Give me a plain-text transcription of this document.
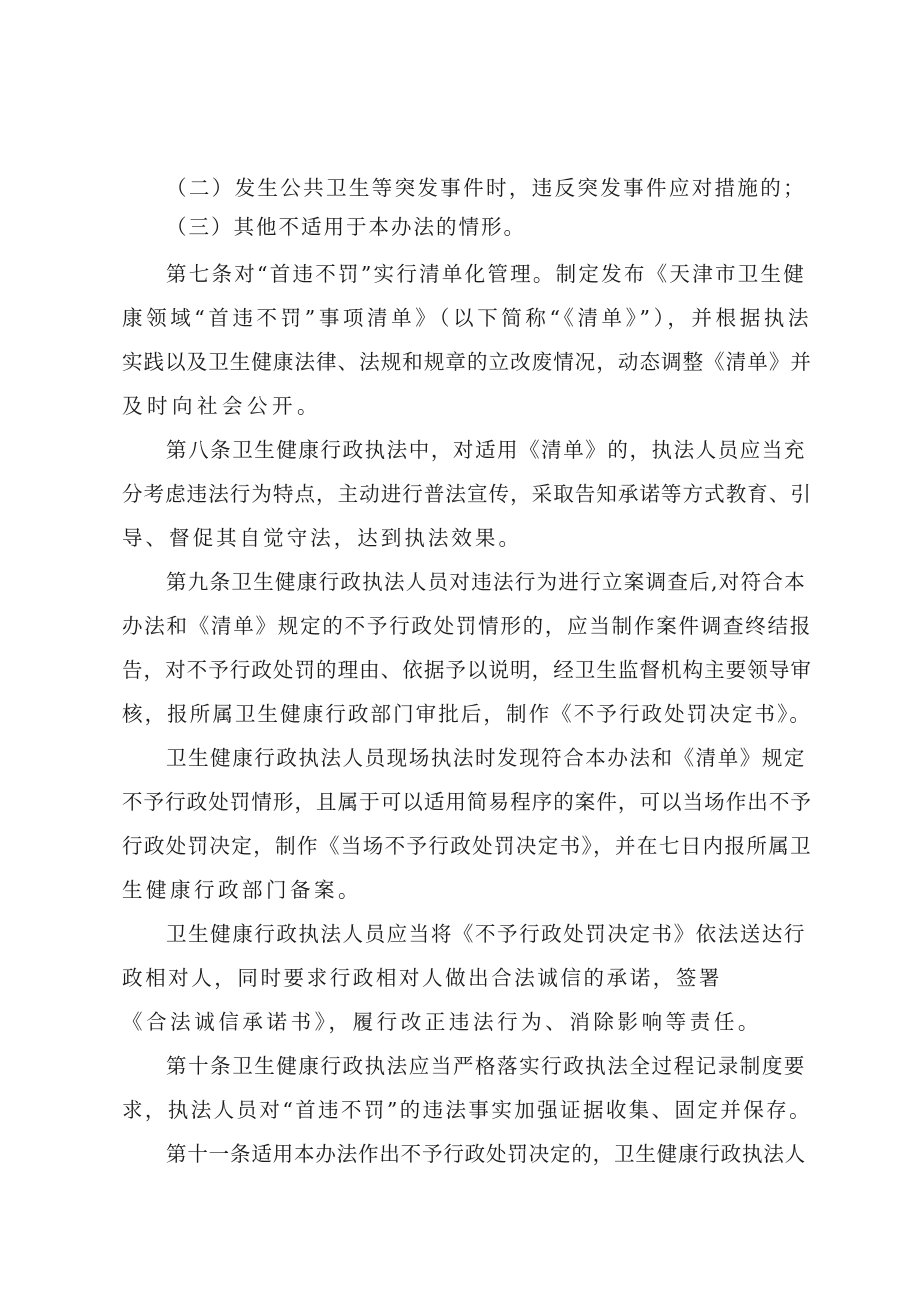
（二）发生公共卫生等突发事件时，违反突发事件应对措施的；

（三）其他不适用于本办法的情形。

第七条对“首违不罚”实行清单化管理。制定发布《天津市卫生健

康领域“首违不罚”事项清单》（以下简称“《清单》”），并根据执法

实践以及卫生健康法律、法规和规章的立改废情况，动态调整《清单》并

及时向社会公开。

第八条卫生健康行政执法中，对适用《清单》的，执法人员应当充

分考虑违法行为特点，主动进行普法宣传，采取告知承诺等方式教育、引

导、督促其自觉守法，达到执法效果。

第九条卫生健康行政执法人员对违法行为进行立案调查后,对符合本

办法和《清单》规定的不予行政处罚情形的，应当制作案件调查终结报

告，对不予行政处罚的理由、依据予以说明，经卫生监督机构主要领导审

核，报所属卫生健康行政部门审批后，制作《不予行政处罚决定书》。

卫生健康行政执法人员现场执法时发现符合本办法和《清单》规定

不予行政处罚情形，且属于可以适用简易程序的案件，可以当场作出不予

行政处罚决定，制作《当场不予行政处罚决定书》，并在七日内报所属卫

生健康行政部门备案。

卫生健康行政执法人员应当将《不予行政处罚决定书》依法送达行

政相对人，同时要求行政相对人做出合法诚信的承诺，签署

《合法诚信承诺书》，履行改正违法行为、消除影响等责任。

第十条卫生健康行政执法应当严格落实行政执法全过程记录制度要

求，执法人员对“首违不罚”的违法事实加强证据收集、固定并保存。

第十一条适用本办法作出不予行政处罚决定的，卫生健康行政执法人
